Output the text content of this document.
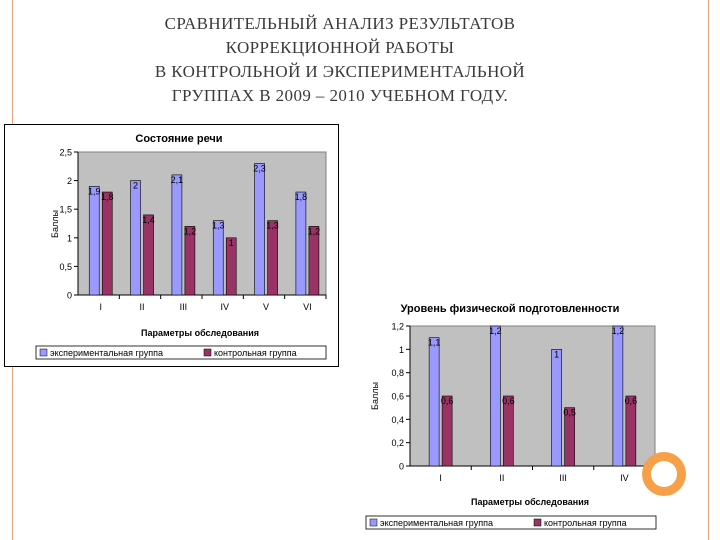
СРАВНИТЕЛЬНЫЙ АНАЛИЗ РЕЗУЛЬТАТОВ
КОРРЕКЦИОННОЙ РАБОТЫ
В КОНТРОЛЬНОЙ И ЭКСПЕРИМЕНТАЛЬНОЙ
ГРУППАХ В 2009 – 2010 УЧЕБНОМ ГОДУ.
Состояние речи
0
0,5
1
1,5
2
2,5
Баллы
1,9
1,8
I
2
1,4
II
2,1
1,2
III
1,3
1
IV
2,3
1,3
V
1,8
1,2
VI
Параметры обследования
экспериментальная группа	контрольная группа
Уровень физической подготовленности
0
0,2
0,4
0,6
0,8
1
1,2
Баллы
1,1
0,6
I
1,2
0,6
II
1
0,5
III
1,2
0,6
IV
Параметры обследования
экспериментальная группа	контрольная группа
